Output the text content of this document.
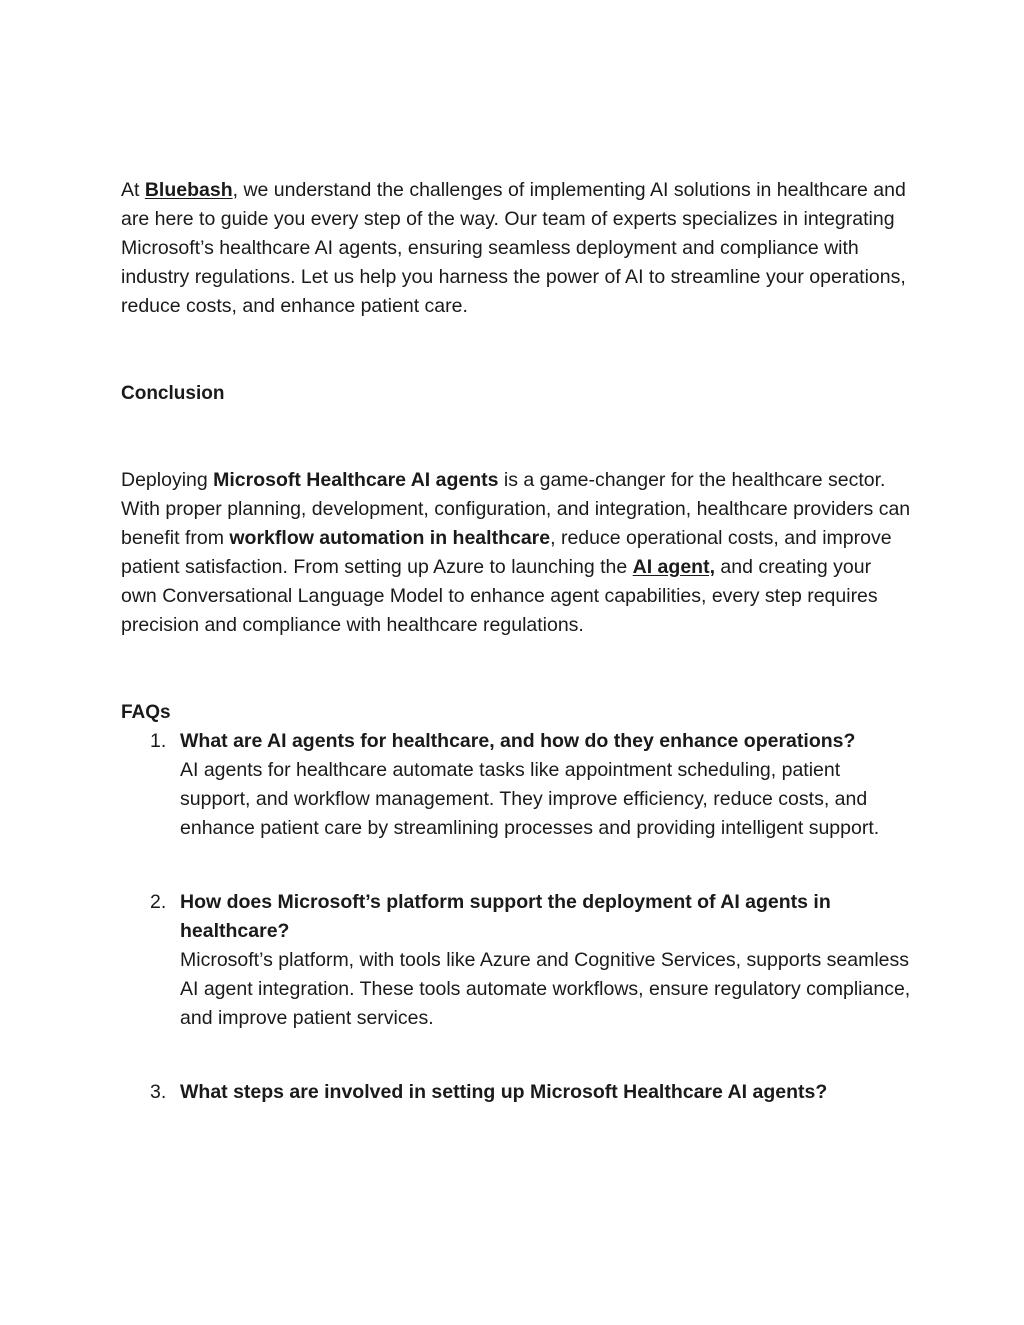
At Bluebash, we understand the challenges of implementing AI solutions in healthcare and are here to guide you every step of the way. Our team of experts specializes in integrating Microsoft’s healthcare AI agents, ensuring seamless deployment and compliance with industry regulations. Let us help you harness the power of AI to streamline your operations, reduce costs, and enhance patient care.

Conclusion

Deploying Microsoft Healthcare AI agents is a game-changer for the healthcare sector. With proper planning, development, configuration, and integration, healthcare providers can benefit from workflow automation in healthcare, reduce operational costs, and improve patient satisfaction. From setting up Azure to launching the AI agent, and creating your own Conversational Language Model to enhance agent capabilities, every step requires precision and compliance with healthcare regulations.

FAQs

1. What are AI agents for healthcare, and how do they enhance operations?
AI agents for healthcare automate tasks like appointment scheduling, patient support, and workflow management. They improve efficiency, reduce costs, and enhance patient care by streamlining processes and providing intelligent support.
2. How does Microsoft’s platform support the deployment of AI agents in healthcare?
Microsoft’s platform, with tools like Azure and Cognitive Services, supports seamless AI agent integration. These tools automate workflows, ensure regulatory compliance, and improve patient services.
3. What steps are involved in setting up Microsoft Healthcare AI agents?
